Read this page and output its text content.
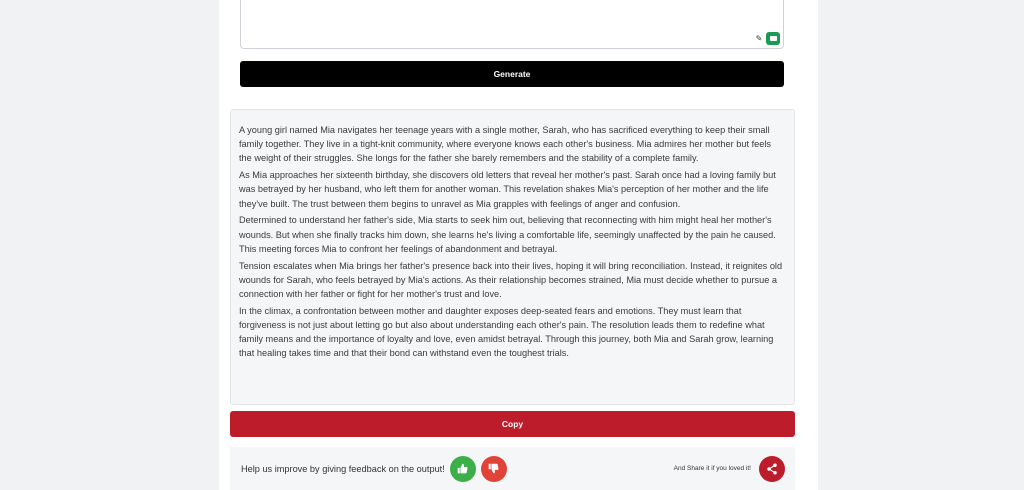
✎
Generate

A young girl named Mia navigates her teenage years with a single mother, Sarah, who has sacrificed everything to keep their small family together. They live in a tight-knit community, where everyone knows each other's business. Mia admires her mother but feels the weight of their struggles. She longs for the father she barely remembers and the stability of a complete family.

As Mia approaches her sixteenth birthday, she discovers old letters that reveal her mother's past. Sarah once had a loving family but was betrayed by her husband, who left them for another woman. This revelation shakes Mia's perception of her mother and the life they've built. The trust between them begins to unravel as Mia grapples with feelings of anger and confusion.

Determined to understand her father's side, Mia starts to seek him out, believing that reconnecting with him might heal her mother's wounds. But when she finally tracks him down, she learns he's living a comfortable life, seemingly unaffected by the pain he caused. This meeting forces Mia to confront her feelings of abandonment and betrayal.

Tension escalates when Mia brings her father's presence back into their lives, hoping it will bring reconciliation. Instead, it reignites old wounds for Sarah, who feels betrayed by Mia's actions. As their relationship becomes strained, Mia must decide whether to pursue a connection with her father or fight for her mother's trust and love.

In the climax, a confrontation between mother and daughter exposes deep-seated fears and emotions. They must learn that forgiveness is not just about letting go but also about understanding each other's pain. The resolution leads them to redefine what family means and the importance of loyalty and love, even amidst betrayal. Through this journey, both Mia and Sarah grow, learning that healing takes time and that their bond can withstand even the toughest trials.

Copy
Help us improve by giving feedback on the output!	And Share it if you loved it!
